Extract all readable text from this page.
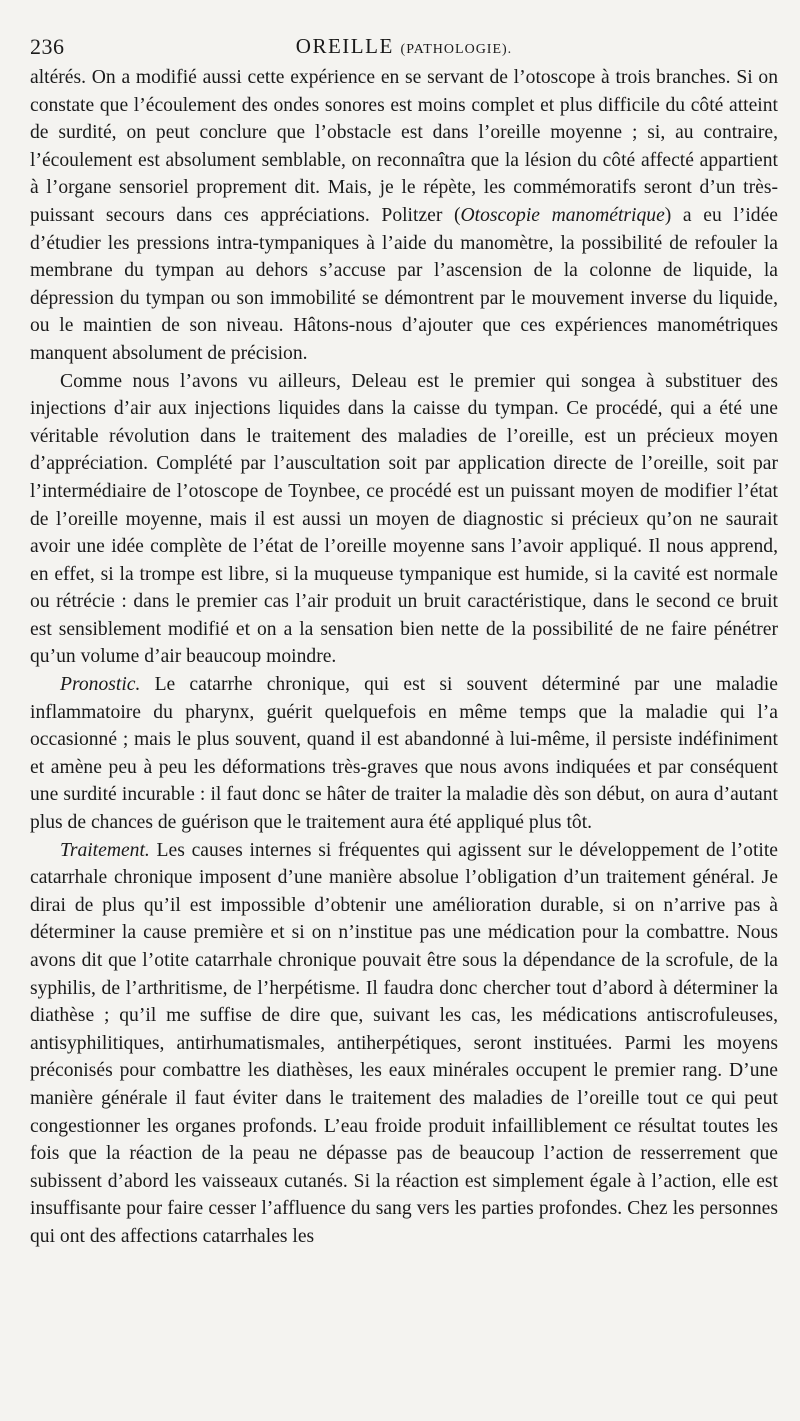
236	OREILLE (PATHOLOGIE).

altérés. On a modifié aussi cette expérience en se servant de l’otoscope à trois branches. Si on constate que l’écoulement des ondes sonores est moins complet et plus difficile du côté atteint de surdité, on peut conclure que l’obstacle est dans l’oreille moyenne ; si, au contraire, l’écoulement est absolument semblable, on reconnaîtra que la lésion du côté affecté appartient à l’organe sensoriel proprement dit. Mais, je le répète, les commémoratifs seront d’un très-puissant secours dans ces appréciations. Politzer (Otoscopie manométrique) a eu l’idée d’étudier les pressions intra-tympaniques à l’aide du manomètre, la possibilité de refouler la membrane du tympan au dehors s’accuse par l’ascension de la colonne de liquide, la dépression du tympan ou son immobilité se démontrent par le mouvement inverse du liquide, ou le maintien de son niveau. Hâtons-nous d’ajouter que ces expériences manométriques manquent absolument de précision.

Comme nous l’avons vu ailleurs, Deleau est le premier qui songea à substituer des injections d’air aux injections liquides dans la caisse du tympan. Ce procédé, qui a été une véritable révolution dans le traitement des maladies de l’oreille, est un précieux moyen d’appréciation. Complété par l’auscultation soit par application directe de l’oreille, soit par l’intermédiaire de l’otoscope de Toynbee, ce procédé est un puissant moyen de modifier l’état de l’oreille moyenne, mais il est aussi un moyen de diagnostic si précieux qu’on ne saurait avoir une idée complète de l’état de l’oreille moyenne sans l’avoir appliqué. Il nous apprend, en effet, si la trompe est libre, si la muqueuse tympanique est humide, si la cavité est normale ou rétrécie : dans le premier cas l’air produit un bruit caractéristique, dans le second ce bruit est sensiblement modifié et on a la sensation bien nette de la possibilité de ne faire pénétrer qu’un volume d’air beaucoup moindre.

Pronostic. Le catarrhe chronique, qui est si souvent déterminé par une maladie inflammatoire du pharynx, guérit quelquefois en même temps que la maladie qui l’a occasionné ; mais le plus souvent, quand il est abandonné à lui-même, il persiste indéfiniment et amène peu à peu les déformations très-graves que nous avons indiquées et par conséquent une surdité incurable : il faut donc se hâter de traiter la maladie dès son début, on aura d’autant plus de chances de guérison que le traitement aura été appliqué plus tôt.

Traitement. Les causes internes si fréquentes qui agissent sur le développement de l’otite catarrhale chronique imposent d’une manière absolue l’obligation d’un traitement général. Je dirai de plus qu’il est impossible d’obtenir une amélioration durable, si on n’arrive pas à déterminer la cause première et si on n’institue pas une médication pour la combattre. Nous avons dit que l’otite catarrhale chronique pouvait être sous la dépendance de la scrofule, de la syphilis, de l’arthritisme, de l’herpétisme. Il faudra donc chercher tout d’abord à déterminer la diathèse ; qu’il me suffise de dire que, suivant les cas, les médications antiscrofuleuses, antisyphilitiques, antirhumatismales, antiherpétiques, seront instituées. Parmi les moyens préconisés pour combattre les diathèses, les eaux minérales occupent le premier rang. D’une manière générale il faut éviter dans le traitement des maladies de l’oreille tout ce qui peut congestionner les organes profonds. L’eau froide produit infailliblement ce résultat toutes les fois que la réaction de la peau ne dépasse pas de beaucoup l’action de resserrement que subissent d’abord les vaisseaux cutanés. Si la réaction est simplement égale à l’action, elle est insuffisante pour faire cesser l’affluence du sang vers les parties profondes. Chez les personnes qui ont des affections catarrhales les
